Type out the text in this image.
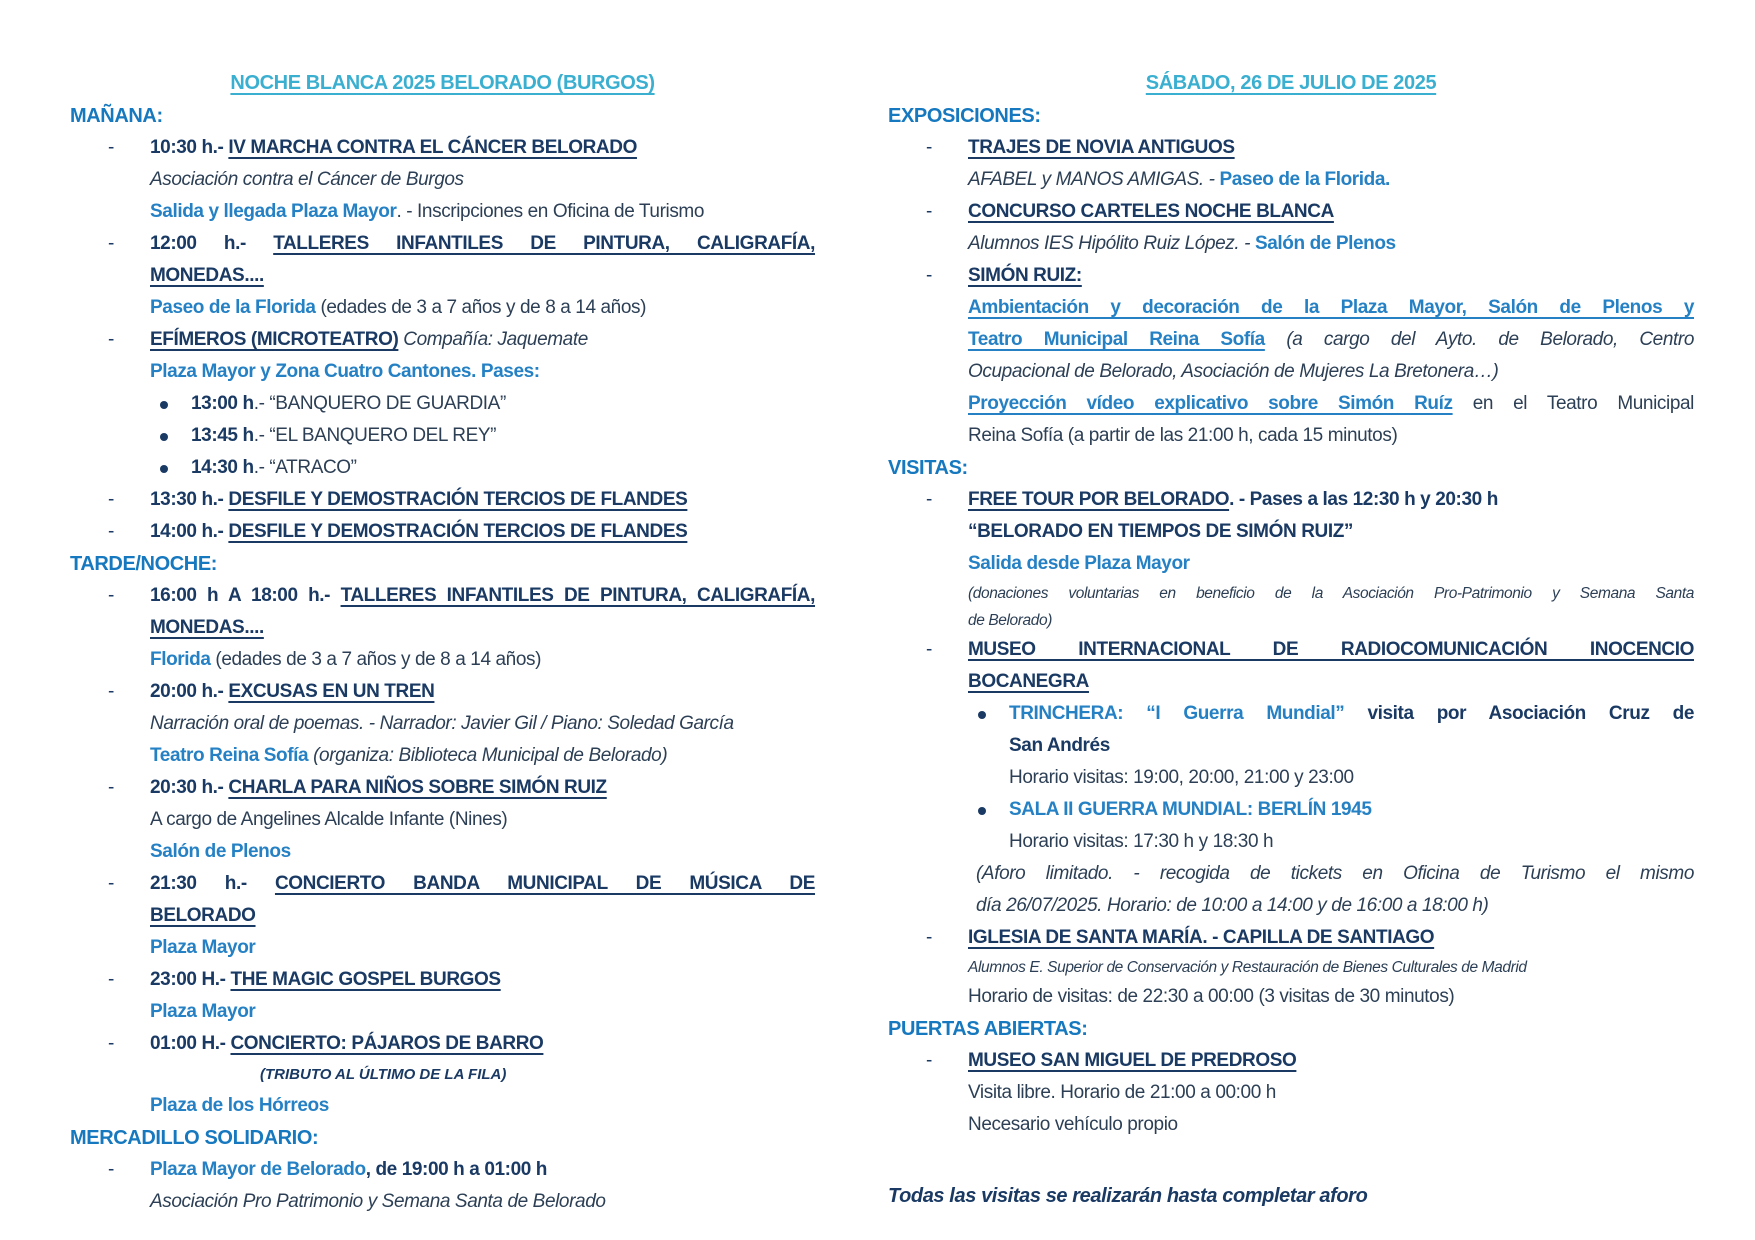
NOCHE BLANCA 2025 BELORADO (BURGOS)
MAÑANA:
- 10:30 h.- IV MARCHA CONTRA EL CÁNCER BELORADO
Asociación contra el Cáncer de Burgos
Salida y llegada Plaza Mayor. - Inscripciones en Oficina de Turismo
- 12:00 h.- TALLERES INFANTILES DE PINTURA, CALIGRAFÍA,
MONEDAS....
Paseo de la Florida (edades de 3 a 7 años y de 8 a 14 años)
- EFÍMEROS (MICROTEATRO) Compañía: Jaquemate
Plaza Mayor y Zona Cuatro Cantones. Pases:
13:00 h.- “BANQUERO DE GUARDIA”
13:45 h.- “EL BANQUERO DEL REY”
14:30 h.- “ATRACO”
- 13:30 h.- DESFILE Y DEMOSTRACIÓN TERCIOS DE FLANDES
- 14:00 h.- DESFILE Y DEMOSTRACIÓN TERCIOS DE FLANDES
TARDE/NOCHE:
- 16:00 h A 18:00 h.- TALLERES INFANTILES DE PINTURA, CALIGRAFÍA,
MONEDAS....
Florida (edades de 3 a 7 años y de 8 a 14 años)
- 20:00 h.- EXCUSAS EN UN TREN
Narración oral de poemas. - Narrador: Javier Gil / Piano: Soledad García
Teatro Reina Sofía (organiza: Biblioteca Municipal de Belorado)
- 20:30 h.- CHARLA PARA NIÑOS SOBRE SIMÓN RUIZ
A cargo de Angelines Alcalde Infante (Nines)
Salón de Plenos
- 21:30 h.- CONCIERTO BANDA MUNICIPAL DE MÚSICA DE
BELORADO
Plaza Mayor
- 23:00 H.- THE MAGIC GOSPEL BURGOS
Plaza Mayor
- 01:00 H.- CONCIERTO: PÁJAROS DE BARRO
(TRIBUTO AL ÚLTIMO DE LA FILA)
Plaza de los Hórreos
MERCADILLO SOLIDARIO:
- Plaza Mayor de Belorado, de 19:00 h a 01:00 h
Asociación Pro Patrimonio y Semana Santa de Belorado
SÁBADO, 26 DE JULIO DE 2025
EXPOSICIONES:
- TRAJES DE NOVIA ANTIGUOS
AFABEL y MANOS AMIGAS. - Paseo de la Florida.
- CONCURSO CARTELES NOCHE BLANCA
Alumnos IES Hipólito Ruiz López. - Salón de Plenos
- SIMÓN RUIZ:
Ambientación y decoración de la Plaza Mayor, Salón de Plenos y
Teatro Municipal Reina Sofía (a cargo del Ayto. de Belorado, Centro
Ocupacional de Belorado, Asociación de Mujeres La Bretonera…)
Proyección vídeo explicativo sobre Simón Ruíz en el Teatro Municipal
Reina Sofía (a partir de las 21:00 h, cada 15 minutos)
VISITAS:
- FREE TOUR POR BELORADO. - Pases a las 12:30 h y 20:30 h
“BELORADO EN TIEMPOS DE SIMÓN RUIZ”
Salida desde Plaza Mayor
(donaciones voluntarias en beneficio de la Asociación Pro-Patrimonio y Semana Santa
de Belorado)
- MUSEO INTERNACIONAL DE RADIOCOMUNICACIÓN INOCENCIO
BOCANEGRA
TRINCHERA: “I Guerra Mundial” visita por Asociación Cruz de
San Andrés
Horario visitas: 19:00, 20:00, 21:00 y 23:00
SALA II GUERRA MUNDIAL: BERLÍN 1945
Horario visitas: 17:30 h y 18:30 h
(Aforo limitado. - recogida de tickets en Oficina de Turismo el mismo
día 26/07/2025. Horario: de 10:00 a 14:00 y de 16:00 a 18:00 h)
- IGLESIA DE SANTA MARÍA. - CAPILLA DE SANTIAGO
Alumnos E. Superior de Conservación y Restauración de Bienes Culturales de Madrid
Horario de visitas: de 22:30 a 00:00 (3 visitas de 30 minutos)
PUERTAS ABIERTAS:
- MUSEO SAN MIGUEL DE PREDROSO
Visita libre. Horario de 21:00 a 00:00 h
Necesario vehículo propio
Todas las visitas se realizarán hasta completar aforo
